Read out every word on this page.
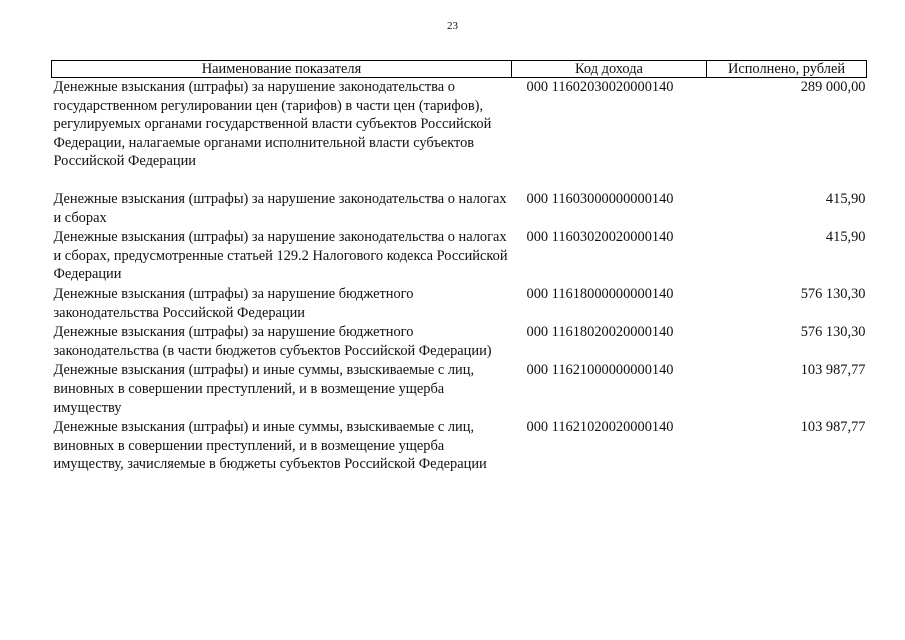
23
Наименование показателя	Код дохода	Исполнено, рублей
Денежные взыскания (штрафы) за нарушение законодательства о государственном регулировании цен (тарифов) в части цен (тарифов), регулируемых органами государственной власти субъектов Российской Федерации, налагаемые органами исполнительной власти субъектов Российской Федерации	000 11602030020000140	289 000,00
Денежные взыскания (штрафы) за нарушение законодательства о налогах и сборах	000 11603000000000140	415,90
Денежные взыскания (штрафы) за нарушение законодательства о налогах и сборах, предусмотренные статьей 129.2 Налогового кодекса Российской Федерации	000 11603020020000140	415,90
Денежные взыскания (штрафы) за нарушение бюджетного законодательства Российской Федерации	000 11618000000000140	576 130,30
Денежные взыскания (штрафы) за нарушение бюджетного законодательства (в части бюджетов субъектов Российской Федерации)	000 11618020020000140	576 130,30
Денежные взыскания (штрафы) и иные суммы, взыскиваемые с лиц, виновных в совершении преступлений, и в возмещение ущерба имуществу	000 11621000000000140	103 987,77
Денежные взыскания (штрафы) и иные суммы, взыскиваемые с лиц, виновных в совершении преступлений, и в возмещение ущерба имуществу, зачисляемые в бюджеты субъектов Российской Федерации	000 11621020020000140	103 987,77
